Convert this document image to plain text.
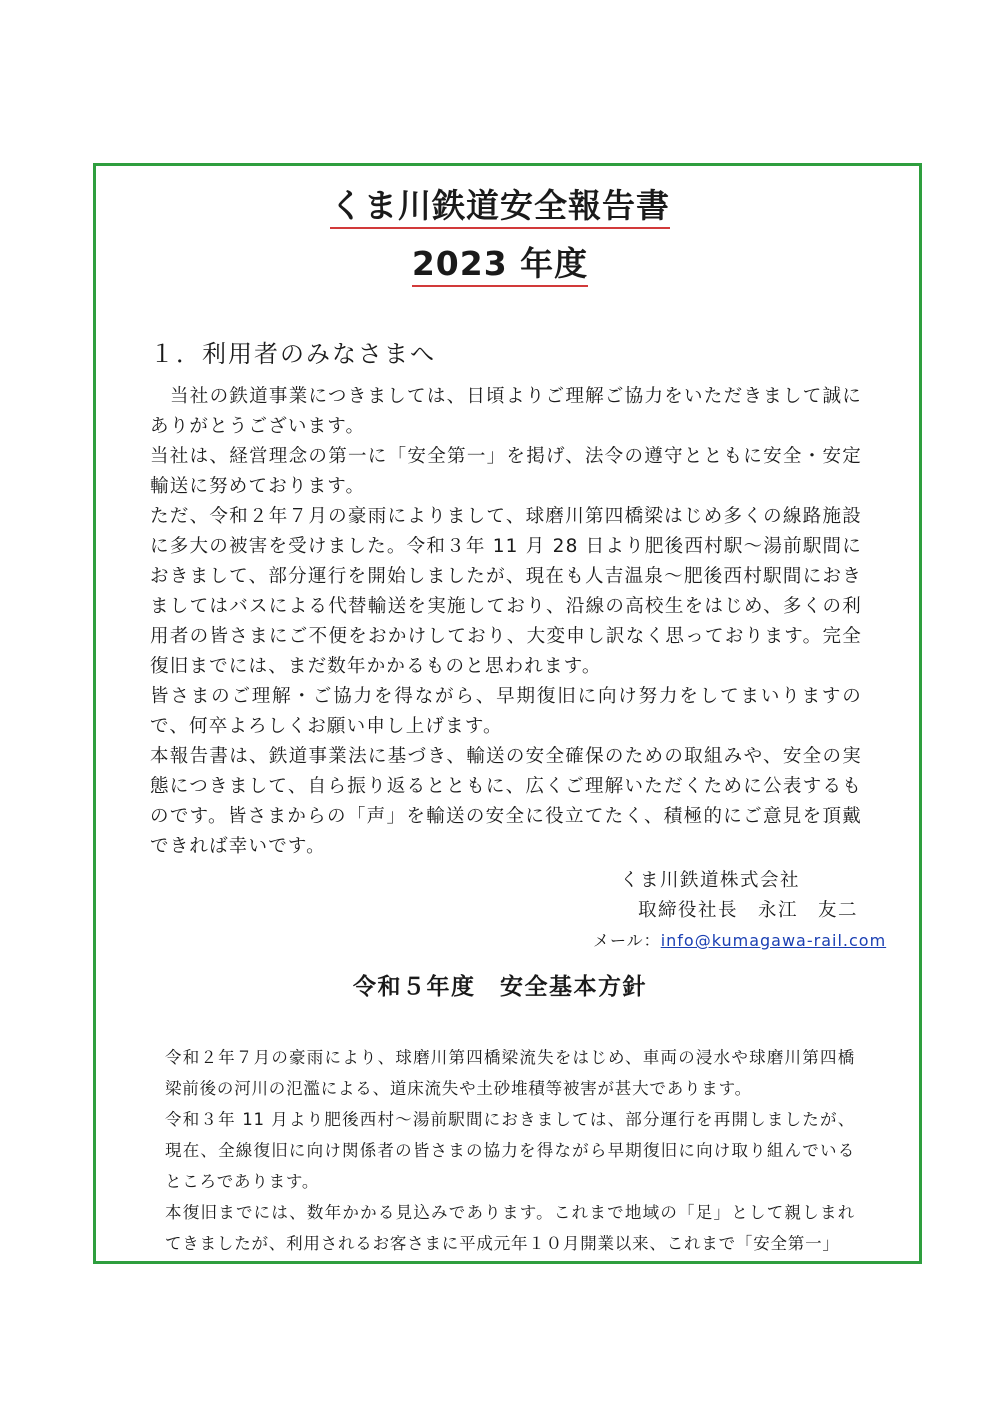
くま川鉄道安全報告書
2023 年度
１．利用者のみなさまへ

当社の鉄道事業につきましては、日頃よりご理解ご協力をいただきまして誠にありがとうございます。

当社は、経営理念の第一に「安全第一」を掲げ、法令の遵守とともに安全・安定輸送に努めております。

ただ、令和２年７月の豪雨によりまして、球磨川第四橋梁はじめ多くの線路施設に多大の被害を受けました。令和３年 11 月 28 日より肥後西村駅〜湯前駅間におきまして、部分運行を開始しましたが、現在も人吉温泉〜肥後西村駅間におきましてはバスによる代替輸送を実施しており、沿線の高校生をはじめ、多くの利用者の皆さまにご不便をおかけしており、大変申し訳なく思っております。完全復旧までには、まだ数年かかるものと思われます。

皆さまのご理解・ご協力を得ながら、早期復旧に向け努力をしてまいりますので、何卒よろしくお願い申し上げます。

本報告書は、鉄道事業法に基づき、輸送の安全確保のための取組みや、安全の実態につきまして、自ら振り返るとともに、広くご理解いただくために公表するものです。皆さまからの「声」を輸送の安全に役立てたく、積極的にご意見を頂戴できれば幸いです。

くま川鉄道株式会社
取締役社長　永江　友二
メール：info@kumagawa-rail.com
令和５年度　安全基本方針

令和２年７月の豪雨により、球磨川第四橋梁流失をはじめ、車両の浸水や球磨川第四橋梁前後の河川の氾濫による、道床流失や土砂堆積等被害が甚大であります。

令和３年 11 月より肥後西村〜湯前駅間におきましては、部分運行を再開しましたが、現在、全線復旧に向け関係者の皆さまの協力を得ながら早期復旧に向け取り組んでいるところであります。

本復旧までには、数年かかる見込みであります。これまで地域の「足」として親しまれてきましたが、利用されるお客さまに平成元年１０月開業以来、これまで「安全第一」
